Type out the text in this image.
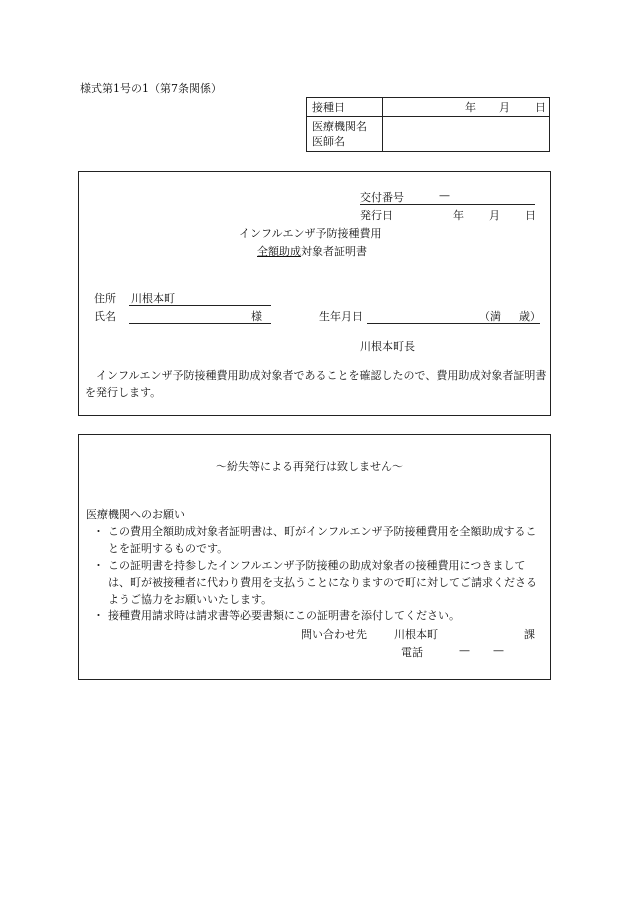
様式第1号の1（第7条関係）
接種日	年 月 日
医療機関名
医師名
交付番号	—
発行日	年 月 日
インフルエンザ予防接種費用
全額助成対象者証明書
住所 川根本町
氏名	様	生年月日	（満 歳）
川根本町長
インフルエンザ予防接種費用助成対象者であることを確認したので、費用助成対象者証明書を発行します。
〜紛失等による再発行は致しません〜
医療機関へのお願い
・ この費用全額助成対象者証明書は、町がインフルエンザ予防接種費用を全額助成することを証明するものです。
・ この証明書を持参したインフルエンザ予防接種の助成対象者の接種費用につきましては、町が被接種者に代わり費用を支払うことになりますので町に対してご請求くださるようご協力をお願いいたします。
・ 接種費用請求時は請求書等必要書類にこの証明書を添付してください。
問い合わせ先 川根本町	課
電話	— —
